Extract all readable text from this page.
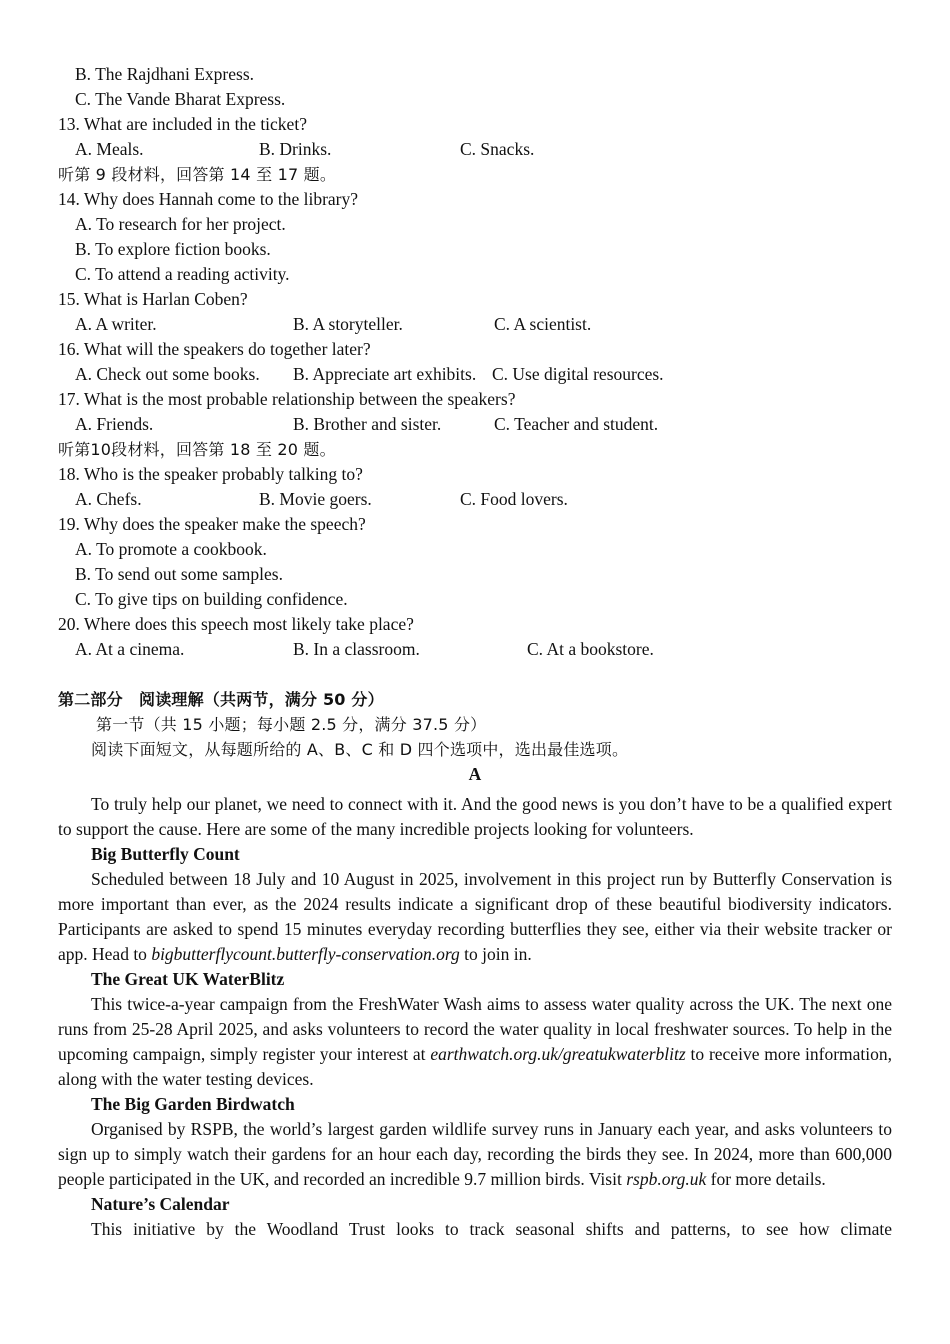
B. The Rajdhani Express.
C. The Vande Bharat Express.
13. What are included in the ticket?
A. Meals.	B. Drinks.	C. Snacks.
听第 9 段材料，回答第 14 至 17 题。
14. Why does Hannah come to the library?
A. To research for her project.
B. To explore fiction books.
C. To attend a reading activity.
15. What is Harlan Coben?
A. A writer.	B. A storyteller.	C. A scientist.
16. What will the speakers do together later?
A. Check out some books. B. Appreciate art exhibits. C. Use digital resources.
17. What is the most probable relationship between the speakers?
A. Friends.	B. Brother and sister.	C. Teacher and student.
听第10段材料，回答第 18 至 20 题。
18. Who is the speaker probably talking to?
A. Chefs.	B. Movie goers.	C. Food lovers.
19. Why does the speaker make the speech?
A. To promote a cookbook.
B. To send out some samples.
C. To give tips on building confidence.
20. Where does this speech most likely take place?
A. At a cinema.	B. In a classroom.	C. At a bookstore.
第二部分　阅读理解（共两节，满分 50 分）
第一节（共 15 小题；每小题 2.5 分，满分 37.5 分）
阅读下面短文，从每题所给的 A、B、C 和 D 四个选项中，选出最佳选项。
A

To truly help our planet, we need to connect with it. And the good news is you don’t have to be a qualified expert to support the cause. Here are some of the many incredible projects looking for volunteers.

Big Butterfly Count

Scheduled between 18 July and 10 August in 2025, involvement in this project run by Butterfly Conservation is more important than ever, as the 2024 results indicate a significant drop of these beautiful biodiversity indicators. Participants are asked to spend 15 minutes everyday recording butterflies they see, either via their website tracker or app. Head to bigbutterflycount.butterfly-conservation.org to join in.

The Great UK WaterBlitz

This twice-a-year campaign from the FreshWater Wash aims to assess water quality across the UK. The next one runs from 25-28 April 2025, and asks volunteers to record the water quality in local freshwater sources. To help in the upcoming campaign, simply register your interest at earthwatch.org.uk/greatukwaterblitz to receive more information, along with the water testing devices.

The Big Garden Birdwatch

Organised by RSPB, the world’s largest garden wildlife survey runs in January each year, and asks volunteers to sign up to simply watch their gardens for an hour each day, recording the birds they see. In 2024, more than 600,000 people participated in the UK, and recorded an incredible 9.7 million birds. Visit rspb.org.uk for more details.

Nature’s Calendar

This initiative by the Woodland Trust looks to track seasonal shifts and patterns, to see how climate
